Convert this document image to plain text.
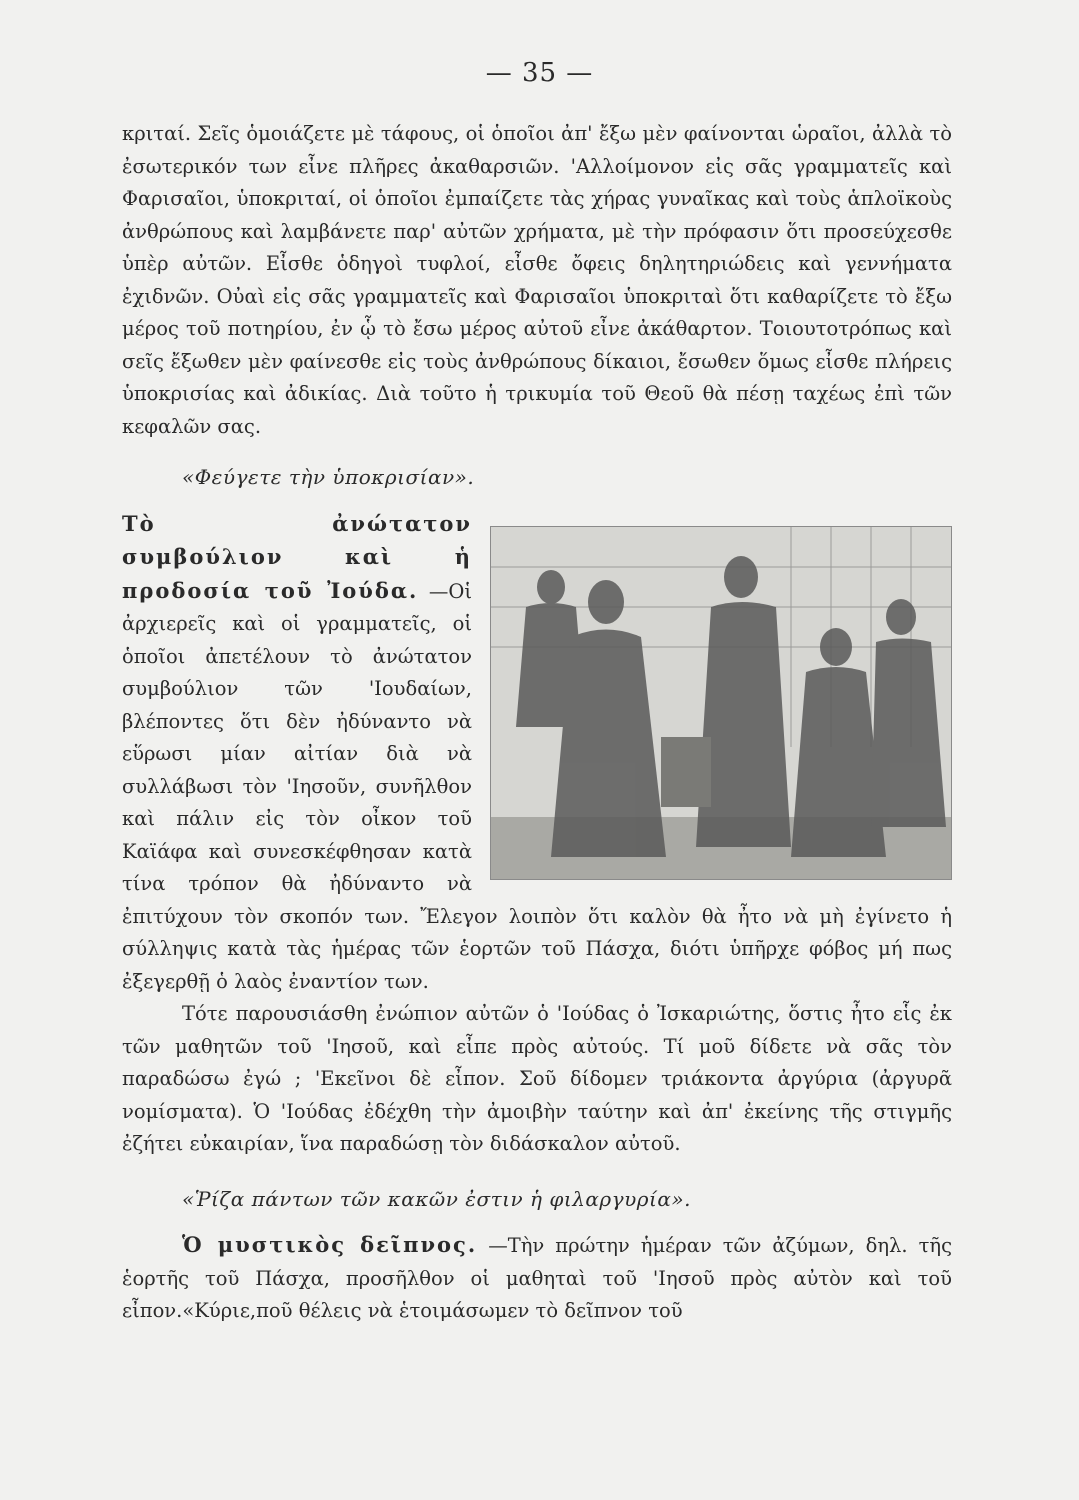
— 35 —

κριταί. Σεῖς ὁμοιάζετε μὲ τάφους, οἱ ὁποῖοι ἀπ' ἔξω μὲν φαίνονται ὡραῖοι, ἀλλὰ τὸ ἐσωτερικόν των εἶνε πλῆρες ἀκαθαρσιῶν. 'Αλλοίμονον εἰς σᾶς γραμματεῖς καὶ Φαρισαῖοι, ὑποκριταί, οἱ ὁποῖοι ἐμπαίζετε τὰς χήρας γυναῖκας καὶ τοὺς ἁπλοϊκοὺς ἀνθρώπους καὶ λαμβάνετε παρ' αὐτῶν χρήματα, μὲ τὴν πρόφασιν ὅτι προσεύχεσθε ὑπὲρ αὐτῶν. Εἶσθε ὁδηγοὶ τυφλοί, εἶσθε ὄφεις δηλητηριώδεις καὶ γεννήματα ἐχιδνῶν. Οὐαὶ εἰς σᾶς γραμματεῖς καὶ Φαρισαῖοι ὑποκριταὶ ὅτι καθαρίζετε τὸ ἔξω μέρος τοῦ ποτηρίου, ἐν ᾧ τὸ ἔσω μέρος αὐτοῦ εἶνε ἀκάθαρτον. Τοιουτοτρόπως καὶ σεῖς ἔξωθεν μὲν φαίνεσθε εἰς τοὺς ἀνθρώπους δίκαιοι, ἔσωθεν ὅμως εἶσθε πλήρεις ὑποκρισίας καὶ ἀδικίας. Διὰ τοῦτο ἡ τρικυμία τοῦ Θεοῦ θὰ πέσῃ ταχέως ἐπὶ τῶν κεφαλῶν σας.

«Φεύγετε τὴν ὑποκρισίαν».

Τὸ ἀνώτατον συμβούλιον καὶ ἡ προδοσία τοῦ Ἰούδα. —Οἱ ἀρχιερεῖς καὶ οἱ γραμματεῖς, οἱ ὁποῖοι ἀπετέλουν τὸ ἀνώτατον συμβούλιον τῶν 'Ιουδαίων, βλέποντες ὅτι δὲν ἠδύναντο νὰ εὕρωσι μίαν αἰτίαν διὰ νὰ συλλάβωσι τὸν 'Ιησοῦν, συνῆλθον καὶ πάλιν εἰς τὸν οἶκον τοῦ Καϊάφα καὶ συνεσκέφθησαν κατὰ τίνα τρόπον θὰ ἠδύναντο νὰ ἐπιτύχουν τὸν σκοπόν των. Ἔλεγον λοιπὸν ὅτι καλὸν θὰ ἦτο νὰ μὴ ἐγίνετο ἡ σύλληψις κατὰ τὰς ἡμέρας τῶν ἑορτῶν τοῦ Πάσχα, διότι ὑπῆρχε φόβος μή πως ἐξεγερθῇ ὁ λαὸς ἐναντίον των.

Τότε παρουσιάσθη ἐνώπιον αὐτῶν ὁ 'Ιούδας ὁ Ἰσκαριώτης, ὅστις ἦτο εἷς ἐκ τῶν μαθητῶν τοῦ 'Ιησοῦ, καὶ εἶπε πρὸς αὐτούς. Τί μοῦ δίδετε νὰ σᾶς τὸν παραδώσω ἐγώ ; 'Εκεῖνοι δὲ εἶπον. Σοῦ δίδομεν τριάκοντα ἀργύρια (ἀργυρᾶ νομίσματα). Ὁ 'Ιούδας ἐδέχθη τὴν ἀμοιβὴν ταύτην καὶ ἀπ' ἐκείνης τῆς στιγμῆς ἐζήτει εὐκαιρίαν, ἵνα παραδώσῃ τὸν διδάσκαλον αὐτοῦ.

«Ῥίζα πάντων τῶν κακῶν ἐστιν ἡ φιλαργυρία».

Ὁ μυστικὸς δεῖπνος. —Τὴν πρώτην ἡμέραν τῶν ἀζύμων, δηλ. τῆς ἑορτῆς τοῦ Πάσχα, προσῆλθον οἱ μαθηταὶ τοῦ 'Ιησοῦ πρὸς αὐτὸν καὶ τοῦ εἶπον.«Κύριε,ποῦ θέλεις νὰ ἑτοιμάσωμεν τὸ δεῖπνον τοῦ
